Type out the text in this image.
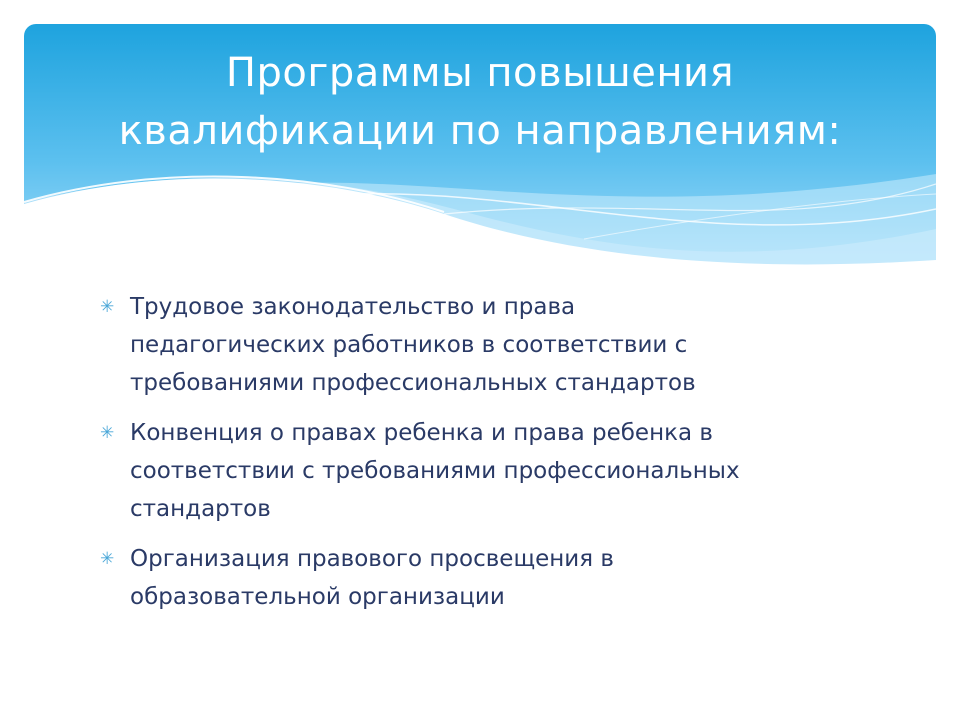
Программы повышения
квалификации по направлениям:
✳ Трудовое законодательство и права
педагогических работников в соответствии с
требованиями профессиональных стандартов
✳ Конвенция о правах ребенка и права ребенка в
соответствии с требованиями профессиональных
стандартов
✳ Организация правового просвещения в
образовательной организации
